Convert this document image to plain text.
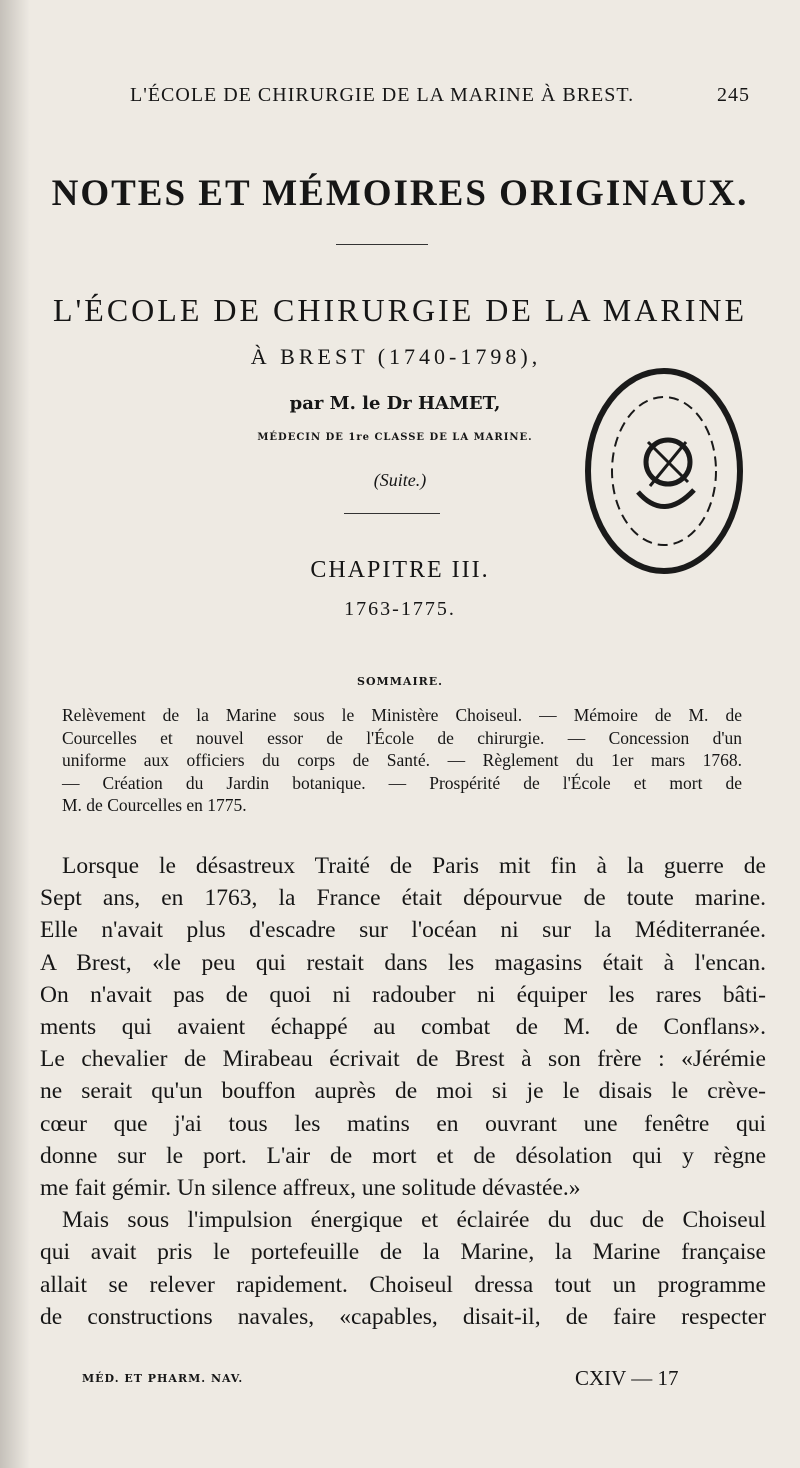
L'ÉCOLE DE CHIRURGIE DE LA MARINE À BREST.	245
NOTES ET MÉMOIRES ORIGINAUX.
L'ÉCOLE DE CHIRURGIE DE LA MARINE
À BREST (1740-1798),
par M. le Dr HAMET,
MÉDECIN DE 1re CLASSE DE LA MARINE.
(Suite.)
CHAPITRE III.
1763-1775.
SOMMAIRE.
Relèvement de la Marine sous le Ministère Choiseul. — Mémoire de M. de
Courcelles et nouvel essor de l'École de chirurgie. — Concession d'un
uniforme aux officiers du corps de Santé. — Règlement du 1er mars 1768.
— Création du Jardin botanique. — Prospérité de l'École et mort de
M. de Courcelles en 1775.
Lorsque le désastreux Traité de Paris mit fin à la guerre de
Sept ans, en 1763, la France était dépourvue de toute marine.
Elle n'avait plus d'escadre sur l'océan ni sur la Méditerranée.
A Brest, «le peu qui restait dans les magasins était à l'encan.
On n'avait pas de quoi ni radouber ni équiper les rares bâti-
ments qui avaient échappé au combat de M. de Conflans».
Le chevalier de Mirabeau écrivait de Brest à son frère : «Jérémie
ne serait qu'un bouffon auprès de moi si je le disais le crève-
cœur que j'ai tous les matins en ouvrant une fenêtre qui
donne sur le port. L'air de mort et de désolation qui y règne
me fait gémir. Un silence affreux, une solitude dévastée.»
Mais sous l'impulsion énergique et éclairée du duc de Choiseul
qui avait pris le portefeuille de la Marine, la Marine française
allait se relever rapidement. Choiseul dressa tout un programme
de constructions navales, «capables, disait-il, de faire respecter
MÉD. ET PHARM. NAV.	CXIV — 17
